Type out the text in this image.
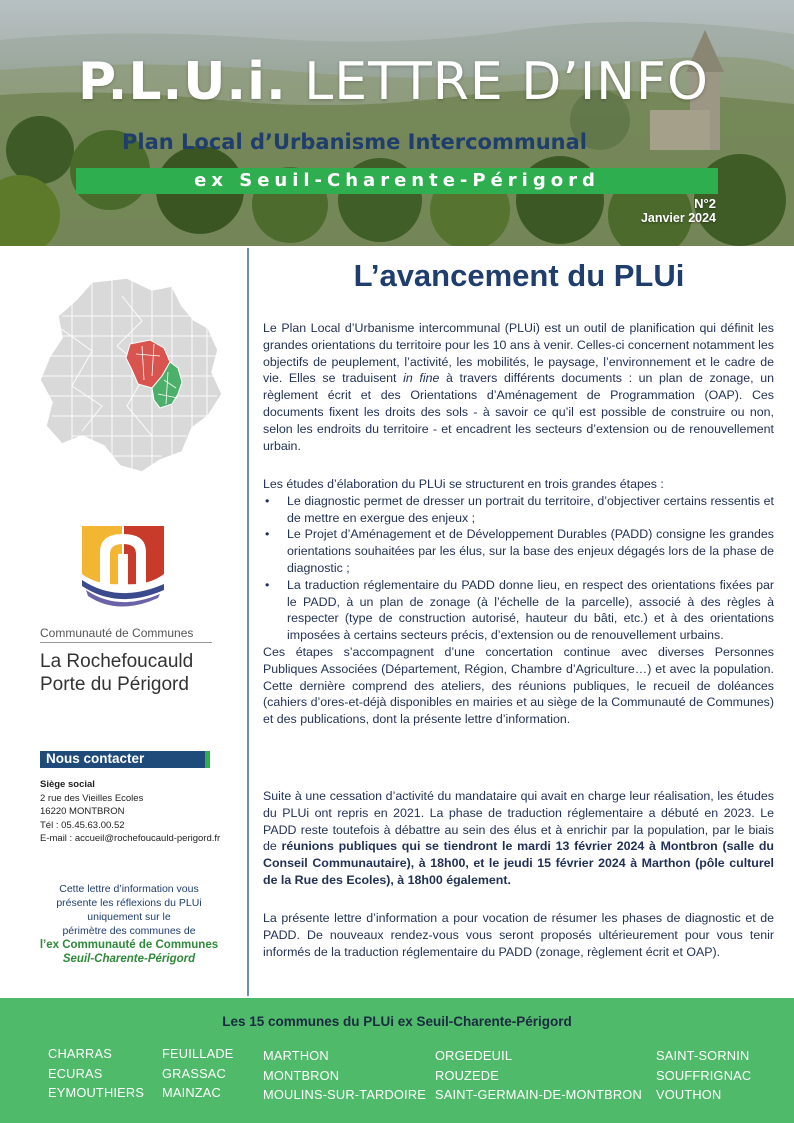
P.L.U.i. LETTRE D’INFO
Plan Local d’Urbanisme Intercommunal
ex Seuil-Charente-Périgord
N°2
Janvier 2024
Communauté de Communes
La Rochefoucauld
Porte du Périgord
Nous contacter
Siège social
2 rue des Vieilles Ecoles
16220 MONTBRON
Tél : 05.45.63.00.52
E-mail : accueil@rochefoucauld-perigord.fr
Cette lettre d’information vous
présente les réflexions du PLUi
uniquement sur le
périmètre des communes de
l’ex Communauté de Communes
Seuil-Charente-Périgord
L’avancement du PLUi
Le Plan Local d’Urbanisme intercommunal (PLUi) est un outil de planification qui définit les grandes orientations du territoire pour les 10 ans à venir. Celles-ci concernent notamment les objectifs de peuplement, l’activité, les mobilités, le paysage, l’environnement et le cadre de vie. Elles se traduisent in fine à travers différents documents : un plan de zonage, un règlement écrit et des Orientations d’Aménagement de Programmation (OAP). Ces documents fixent les droits des sols - à savoir ce qu’il est possible de construire ou non, selon les endroits du territoire - et encadrent les secteurs d’extension ou de renouvellement urbain.
Les études d’élaboration du PLUi se structurent en trois grandes étapes :
• Le diagnostic permet de dresser un portrait du territoire, d’objectiver certains ressentis et de mettre en exergue des enjeux ;
• Le Projet d’Aménagement et de Développement Durables (PADD) consigne les grandes orientations souhaitées par les élus, sur la base des enjeux dégagés lors de la phase de diagnostic ;
• La traduction réglementaire du PADD donne lieu, en respect des orientations fixées par le PADD, à un plan de zonage (à l’échelle de la parcelle), associé à des règles à respecter (type de construction autorisé, hauteur du bâti, etc.) et à des orientations imposées à certains secteurs précis, d’extension ou de renouvellement urbains.
Ces étapes s’accompagnent d’une concertation continue avec diverses Personnes Publiques Associées (Département, Région, Chambre d’Agriculture…) et avec la population. Cette dernière comprend des ateliers, des réunions publiques, le recueil de doléances (cahiers d’ores-et-déjà disponibles en mairies et au siège de la Communauté de Communes) et des publications, dont la présente lettre d’information.
Suite à une cessation d’activité du mandataire qui avait en charge leur réalisation, les études du PLUi ont repris en 2021. La phase de traduction réglementaire a débuté en 2023. Le PADD reste toutefois à débattre au sein des élus et à enrichir par la population, par le biais de réunions publiques qui se tiendront le mardi 13 février 2024 à Montbron (salle du Conseil Communautaire), à 18h00, et le jeudi 15 février 2024 à Marthon (pôle culturel de la Rue des Ecoles), à 18h00 également.
La présente lettre d’information a pour vocation de résumer les phases de diagnostic et de PADD. De nouveaux rendez-vous vous seront proposés ultérieurement pour vous tenir informés de la traduction réglementaire du PADD (zonage, règlement écrit et OAP).
Les 15 communes du PLUi ex Seuil-Charente-Périgord
CHARRAS
ECURAS
EYMOUTHIERS
FEUILLADE
GRASSAC
MAINZAC
MARTHON
MONTBRON
MOULINS-SUR-TARDOIRE
ORGEDEUIL
ROUZEDE
SAINT-GERMAIN-DE-MONTBRON
SAINT-SORNIN
SOUFFRIGNAC
VOUTHON
